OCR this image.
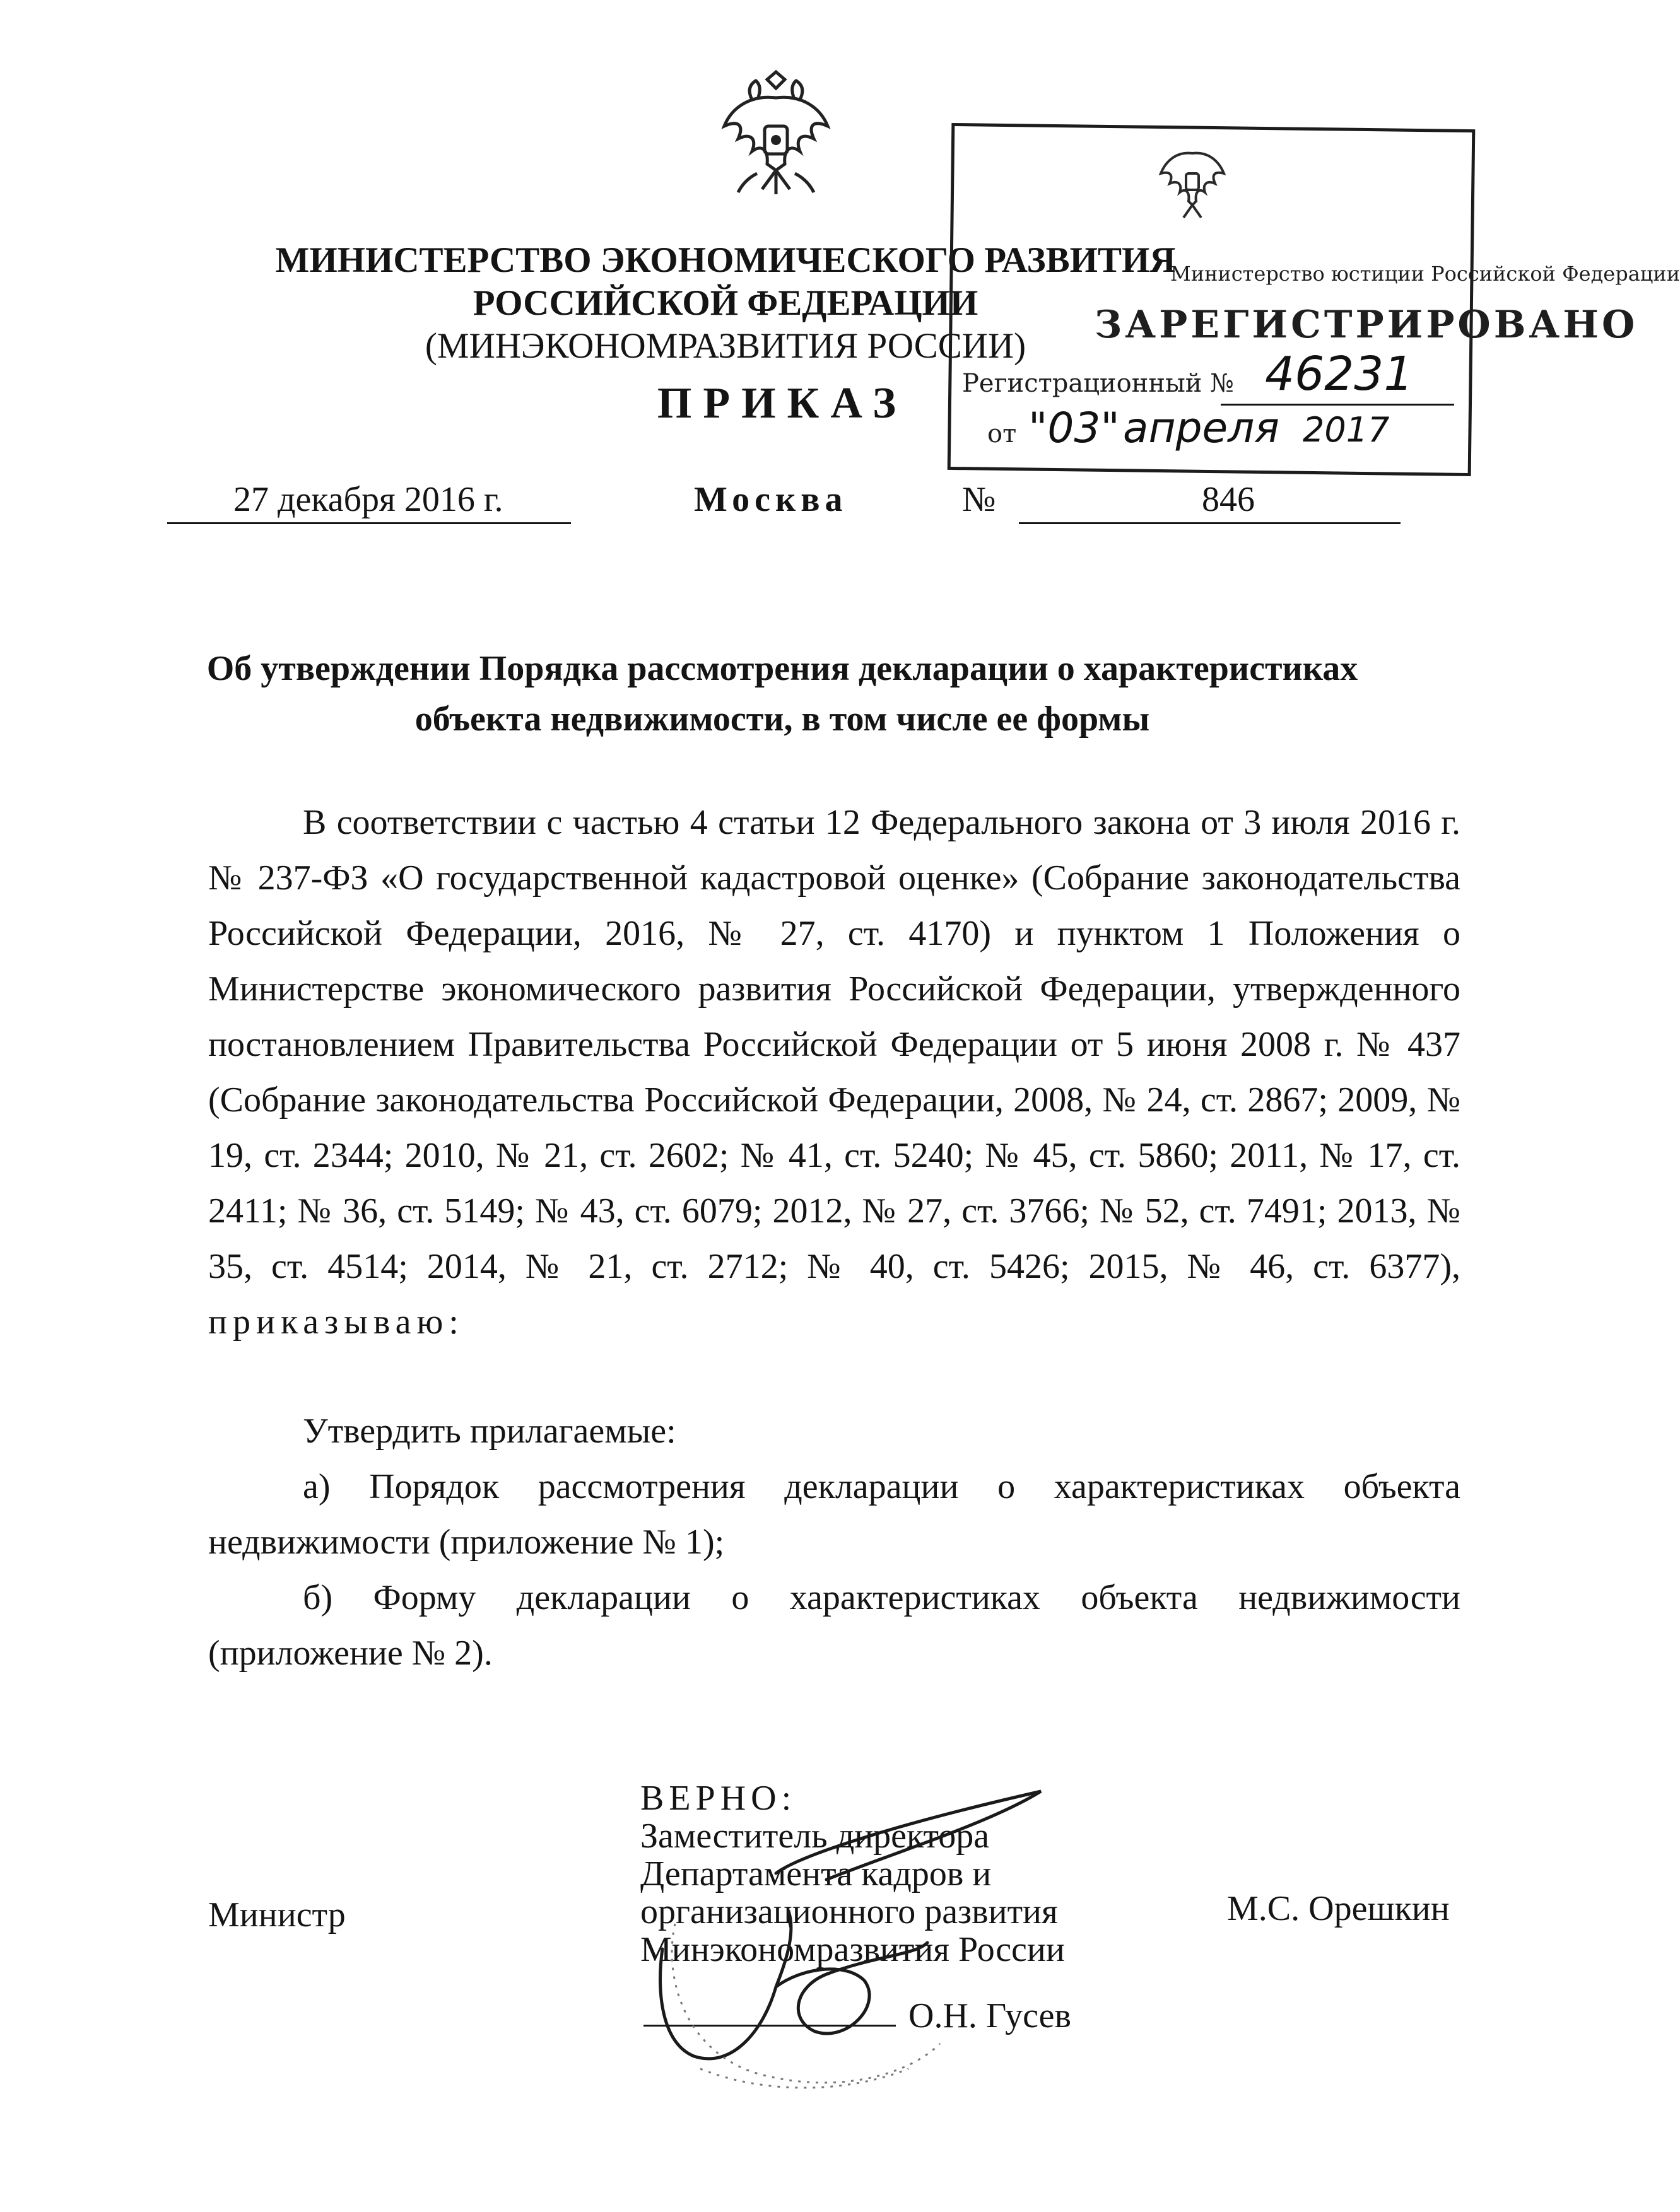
МИНИСТЕРСТВО ЭКОНОМИЧЕСКОГО РАЗВИТИЯ

РОССИЙСКОЙ ФЕДЕРАЦИИ

(МИНЭКОНОМРАЗВИТИЯ РОССИИ)

ПРИКАЗ

Министерство юстиции Российской Федерации
ЗАРЕГИСТРИРОВАНО
Регистрационный № 46231
от "03" апреля 2017
27 декабря 2016 г.	Москва	№	846

Об утверждении Порядка рассмотрения декларации о характеристиках

объекта недвижимости, в том числе ее формы

В соответствии с частью 4 статьи 12 Федерального закона от 3 июля 2016 г. № 237-ФЗ «О государственной кадастровой оценке» (Собрание законодательства Российской Федерации, 2016, № 27, ст. 4170) и пунктом 1 Положения о Министерстве экономического развития Российской Федерации, утвержденного постановлением Правительства Российской Федерации от 5 июня 2008 г. № 437 (Собрание законодательства Российской Федерации, 2008, № 24, ст. 2867; 2009, № 19, ст. 2344; 2010, № 21, ст. 2602; № 41, ст. 5240; № 45, ст. 5860; 2011, № 17, ст. 2411; № 36, ст. 5149; № 43, ст. 6079; 2012, № 27, ст. 3766; № 52, ст. 7491; 2013, № 35, ст. 4514; 2014, № 21, ст. 2712; № 40, ст. 5426; 2015, № 46, ст. 6377), приказываю:

Утвердить прилагаемые:

а) Порядок рассмотрения декларации о характеристиках объекта недвижимости (приложение № 1);

б) Форму декларации о характеристиках объекта недвижимости (приложение № 2).

Министр	М.С. Орешкин
ВЕРНО:
Заместитель директора
Департамента кадров и
организационного развития
Минэкономразвития России
О.Н. Гусев
